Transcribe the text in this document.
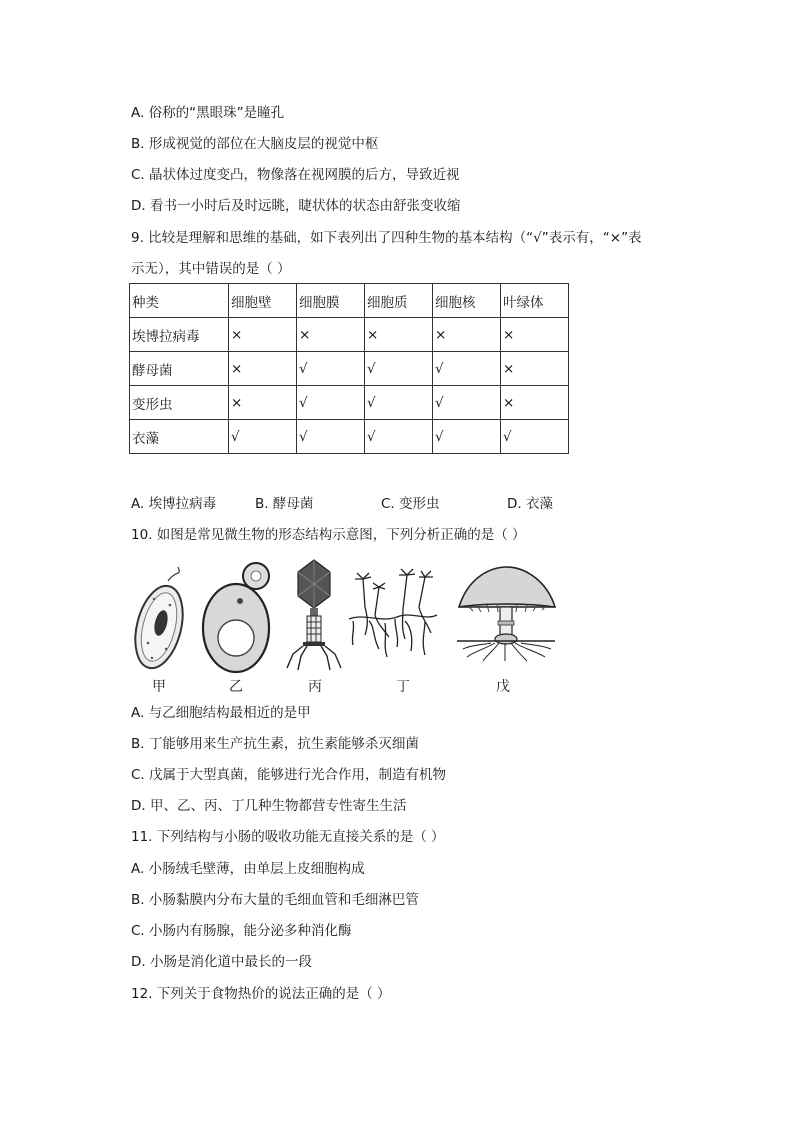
A. 俗称的“黑眼珠”是瞳孔
B. 形成视觉的部位在大脑皮层的视觉中枢
C. 晶状体过度变凸，物像落在视网膜的后方，导致近视
D. 看书一小时后及时远眺，睫状体的状态由舒张变收缩
9. 比较是理解和思维的基础，如下表列出了四种生物的基本结构（“√”表示有，“×”表
示无），其中错误的是（ ）
种类	细胞壁	细胞膜	细胞质	细胞核	叶绿体
埃博拉病毒	×	×	×	×	×
酵母菌	×	√	√	√	×
变形虫	×	√	√	√	×
衣藻	√	√	√	√	√
A. 埃博拉病毒	B. 酵母菌	C. 变形虫	D. 衣藻
10. 如图是常见微生物的形态结构示意图，下列分析正确的是（ ）
甲	乙	丙	丁	戊
A. 与乙细胞结构最相近的是甲
B. 丁能够用来生产抗生素，抗生素能够杀灭细菌
C. 戊属于大型真菌，能够进行光合作用，制造有机物
D. 甲、乙、丙、丁几种生物都营专性寄生生活
11. 下列结构与小肠的吸收功能无直接关系的是（ ）
A. 小肠绒毛壁薄，由单层上皮细胞构成
B. 小肠黏膜内分布大量的毛细血管和毛细淋巴管
C. 小肠内有肠腺，能分泌多种消化酶
D. 小肠是消化道中最长的一段
12. 下列关于食物热价的说法正确的是（ ）
